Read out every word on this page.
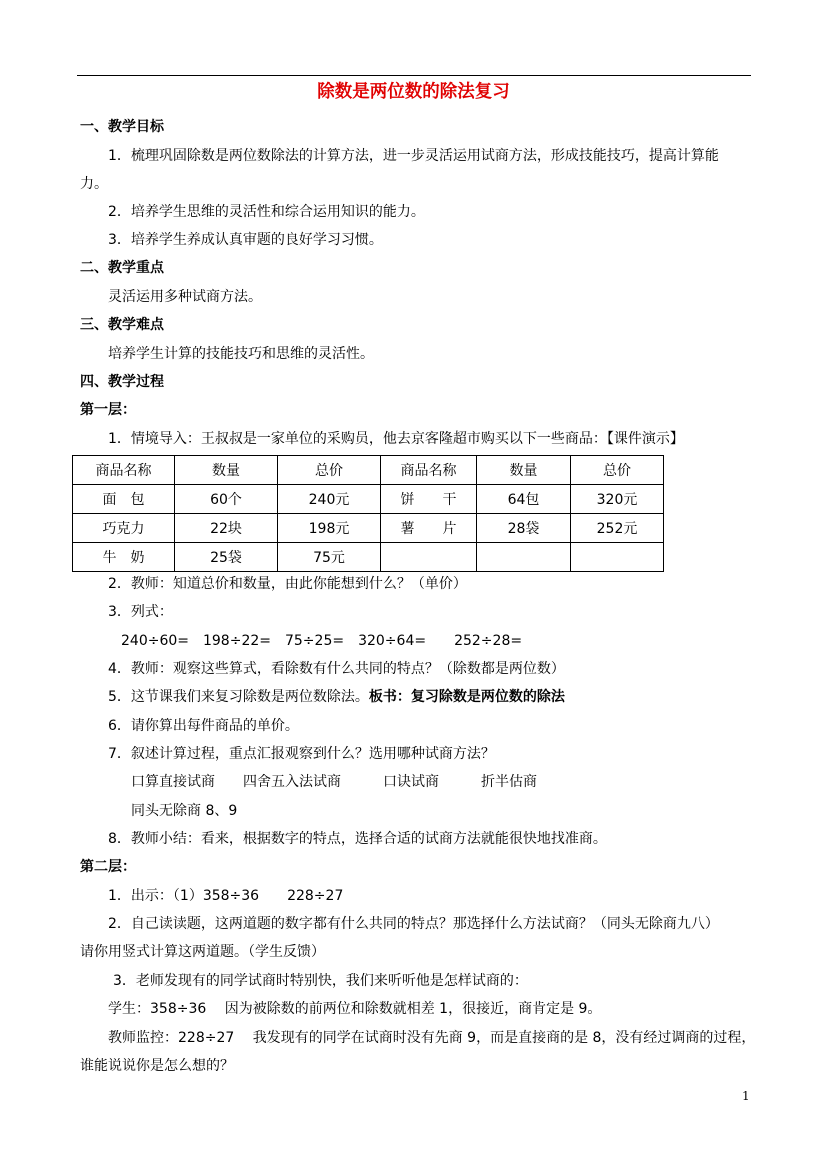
除数是两位数的除法复习
一、教学目标
1．梳理巩固除数是两位数除法的计算方法，进一步灵活运用试商方法，形成技能技巧，提高计算能
力。
2．培养学生思维的灵活性和综合运用知识的能力。
3．培养学生养成认真审题的良好学习习惯。
二、教学重点
灵活运用多种试商方法。
三、教学难点
培养学生计算的技能技巧和思维的灵活性。
四、教学过程
第一层：
1．情境导入：王叔叔是一家单位的采购员，他去京客隆超市购买以下一些商品：【课件演示】
商品名称	数量	总价	商品名称	数量	总价
面　包	60个	240元	饼　　干	64包	320元
巧克力	22块	198元	薯　　片	28袋	252元
牛　奶	25袋	75元			
2．教师：知道总价和数量，由此你能想到什么？（单价）
3．列式：
240÷60=　198÷22=　75÷25=　320÷64=　　252÷28=
4．教师：观察这些算式，看除数有什么共同的特点？（除数都是两位数）
5．这节课我们来复习除数是两位数除法。板书：复习除数是两位数的除法
6．请你算出每件商品的单价。
7．叙述计算过程，重点汇报观察到什么？选用哪种试商方法？
口算直接试商　　四舍五入法试商　　　口诀试商　　　折半估商
同头无除商 8、9
8．教师小结：看来，根据数字的特点，选择合适的试商方法就能很快地找准商。
第二层：
1．出示：（1）358÷36　　228÷27
2．自己读读题，这两道题的数字都有什么共同的特点？那选择什么方法试商？（同头无除商九八）
请你用竖式计算这两道题。（学生反馈）
3．老师发现有的同学试商时特别快，我们来听听他是怎样试商的：
学生：358÷36　 因为被除数的前两位和除数就相差 1，很接近，商肯定是 9。
教师监控：228÷27　 我发现有的同学在试商时没有先商 9，而是直接商的是 8，没有经过调商的过程，
谁能说说你是怎么想的？
1
